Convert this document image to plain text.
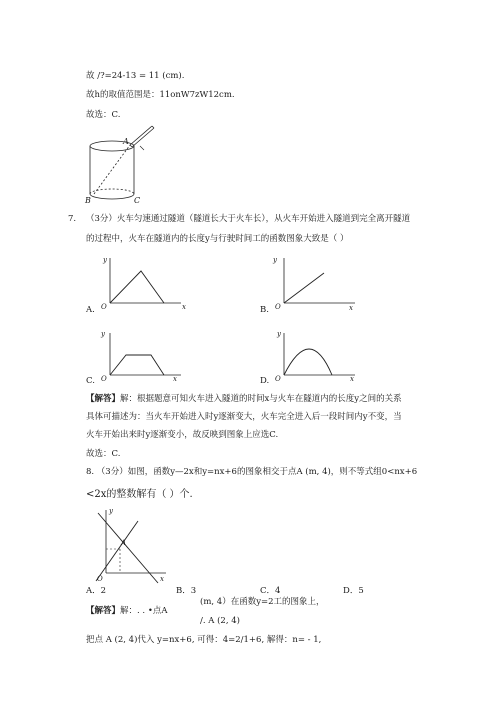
故 /?=24-13 = 11 (cm).
故h的取值范围是：11onW7zW12cm.
故选：C.
A
B	C
7. （3分）火车匀速通过隧道（隧道长大于火车长），从火车开始进入隧道到完全离开隧道
的过程中，火车在隧道内的长度y与行驶时间工的函数图象大致是（ ）
y
O	x
A.
y
O	x
B.
y
O	x
C.
y
O	x
D.
【解答】解：根据题意可知火车进入隧道的时间x与火车在隧道内的长度y之间的关系
具体可描述为：当火车开始进入时y逐渐变大，火车完全进入后一段时间内y不变，当
火车开始出来时y逐渐变小，故反映到图象上应选C.
故选：C.
8. （3分）如图，函数y—2x和y=nx+6的图象相交于点A (m, 4)，则不等式组0<nx+6
<2x的整数解有（ ）个.
y
A
O	x
A．2	B．3	C．4	D．5
(m, 4）在函数y=2工的图象上，
【解答】解：. . •点A
/. A (2, 4)
把点 A (2, 4)代入 y=nx+6, 可得：4=2/1+6, 解得：n= - 1,
